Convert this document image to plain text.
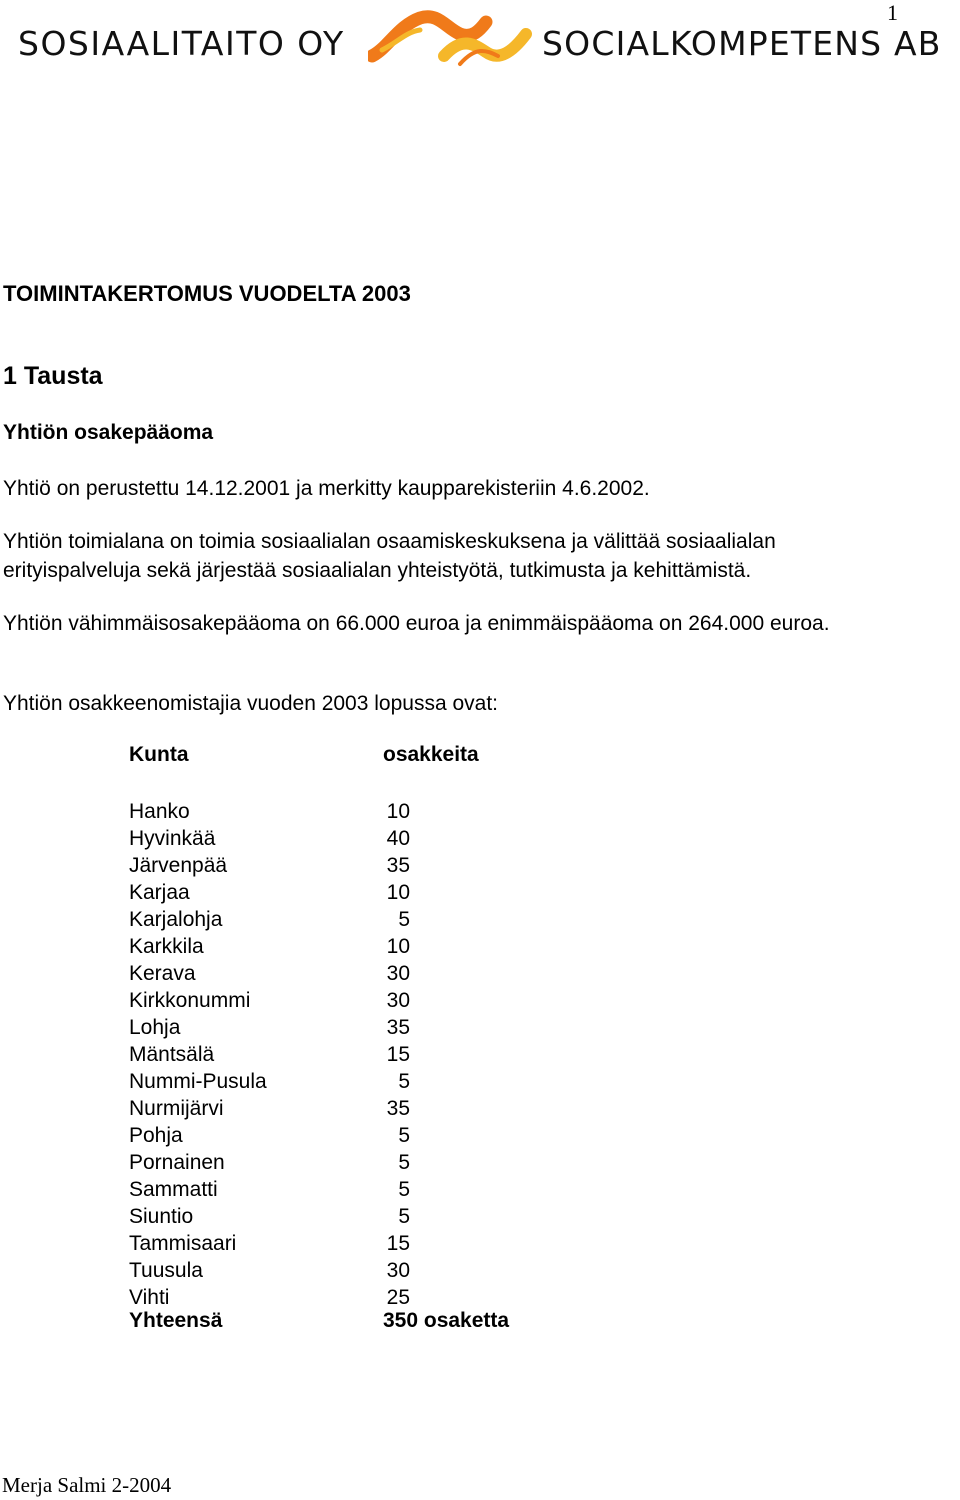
1
SOSIAALITAITO OY	SOCIALKOMPETENS AB
TOIMINTAKERTOMUS VUODELTA 2003
1 Tausta
Yhtiön osakepääoma
Yhtiö on perustettu 14.12.2001 ja merkitty kaupparekisteriin 4.6.2002.
Yhtiön toimialana on toimia sosiaalialan osaamiskeskuksena ja välittää sosiaalialan erityispalveluja sekä järjestää sosiaalialan yhteistyötä, tutkimusta ja kehittämistä.
Yhtiön vähimmäisosakepääoma on 66.000 euroa ja enimmäispääoma on 264.000 euroa.
Yhtiön osakkeenomistajia vuoden 2003 lopussa ovat:
Kunta	osakkeita
Hanko	10
Hyvinkää	40
Järvenpää	35
Karjaa	10
Karjalohja	5
Karkkila	10
Kerava	30
Kirkkonummi	30
Lohja	35
Mäntsälä	15
Nummi-Pusula	5
Nurmijärvi	35
Pohja	5
Pornainen	5
Sammatti	5
Siuntio	5
Tammisaari	15
Tuusula	30
Vihti	25
Yhteensä	350 osaketta
Merja Salmi 2-2004
